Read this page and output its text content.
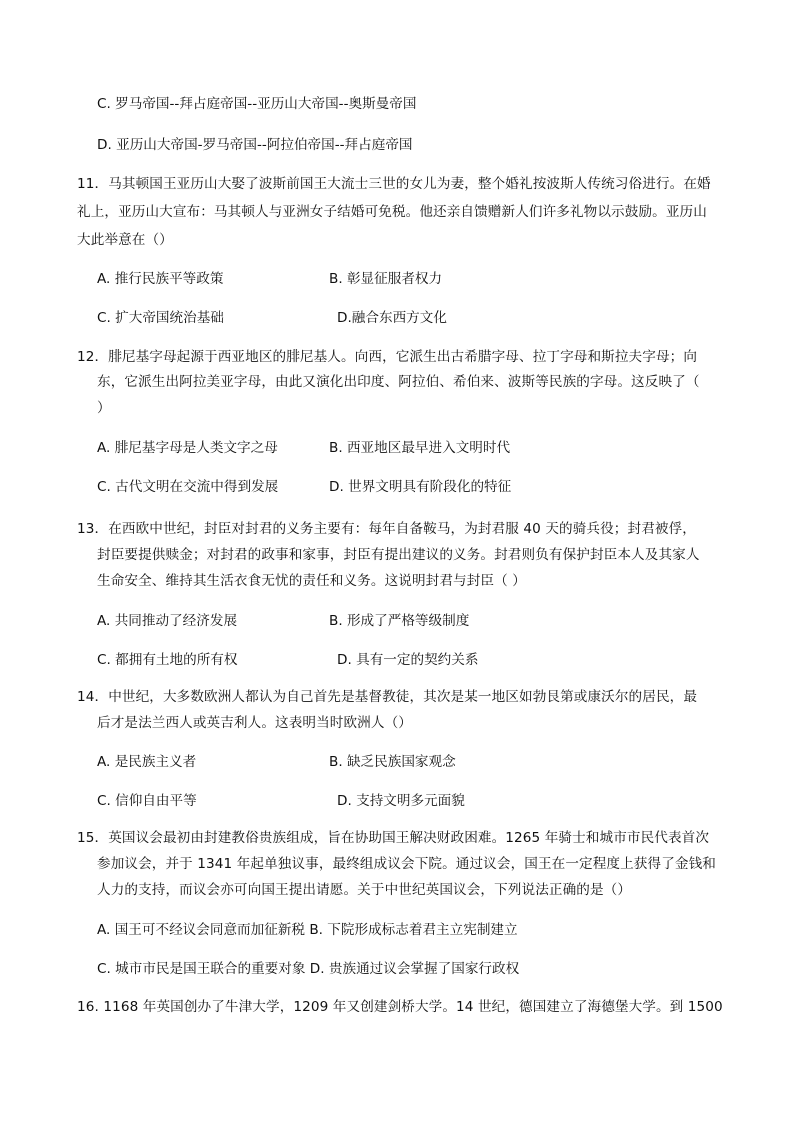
C. 罗马帝国--拜占庭帝国--亚历山大帝国--奥斯曼帝国
D. 亚历山大帝国-罗马帝国--阿拉伯帝国--拜占庭帝国
11．马其顿国王亚历山大娶了波斯前国王大流士三世的女儿为妻，整个婚礼按波斯人传统习俗进行。在婚
礼上，亚历山大宣布：马其顿人与亚洲女子结婚可免税。他还亲自馈赠新人们许多礼物以示鼓励。亚历山
大此举意在（）
A. 推行民族平等政策	B. 彰显征服者权力
C. 扩大帝国统治基础	D.融合东西方文化
12．腓尼基字母起源于西亚地区的腓尼基人。向西，它派生出古希腊字母、拉丁字母和斯拉夫字母；向
东，它派生出阿拉美亚字母，由此又演化出印度、阿拉伯、希伯来、波斯等民族的字母。这反映了（
）
A. 腓尼基字母是人类文字之母	B. 西亚地区最早进入文明时代
C. 古代文明在交流中得到发展	D. 世界文明具有阶段化的特征
13．在西欧中世纪，封臣对封君的义务主要有：每年自备鞍马，为封君服 40 天的骑兵役；封君被俘，
封臣要提供赎金；对封君的政事和家事，封臣有提出建议的义务。封君则负有保护封臣本人及其家人
生命安全、维持其生活衣食无忧的责任和义务。这说明封君与封臣（ ）
A. 共同推动了经济发展	B. 形成了严格等级制度
C. 都拥有土地的所有权	D. 具有一定的契约关系
14．中世纪，大多数欧洲人都认为自己首先是基督教徒，其次是某一地区如勃艮第或康沃尔的居民，最
后才是法兰西人或英吉利人。这表明当时欧洲人（）
A. 是民族主义者	B. 缺乏民族国家观念
C. 信仰自由平等	D. 支持文明多元面貌
15．英国议会最初由封建教俗贵族组成，旨在协助国王解决财政困难。1265 年骑士和城市市民代表首次
参加议会，并于 1341 年起单独议事，最终组成议会下院。通过议会，国王在一定程度上获得了金钱和
人力的支持，而议会亦可向国王提出请愿。关于中世纪英国议会，下列说法正确的是（）
A. 国王可不经议会同意而加征新税 B. 下院形成标志着君主立宪制建立
C. 城市市民是国王联合的重要对象 D. 贵族通过议会掌握了国家行政权
16. 1168 年英国创办了牛津大学，1209 年又创建剑桥大学。14 世纪，德国建立了海德堡大学。到 1500
